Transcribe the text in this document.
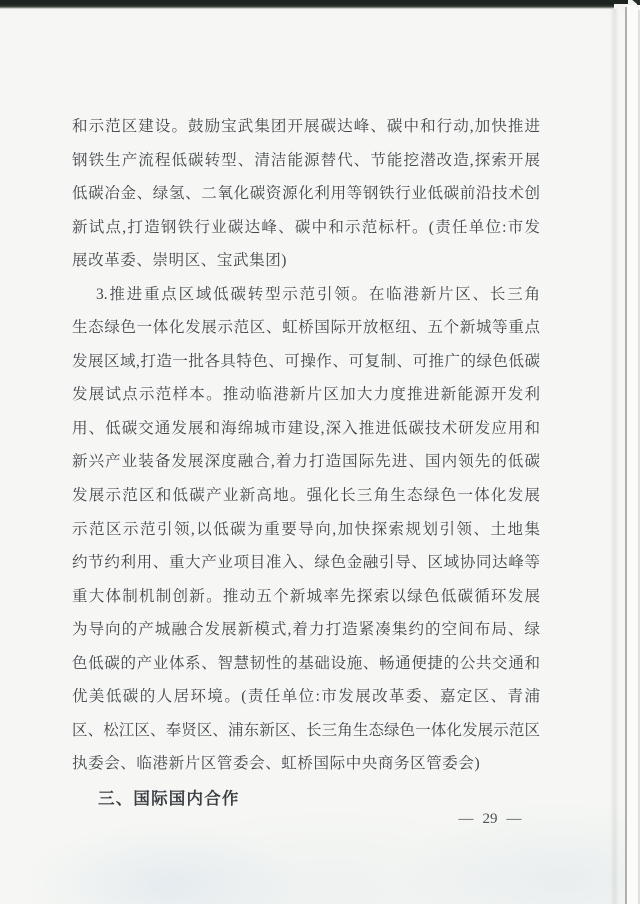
和示范区建设。鼓励宝武集团开展碳达峰、碳中和行动,加快推进
钢铁生产流程低碳转型、清洁能源替代、节能挖潜改造,探索开展
低碳冶金、绿氢、二氧化碳资源化利用等钢铁行业低碳前沿技术创
新试点,打造钢铁行业碳达峰、碳中和示范标杆。(责任单位:市发
展改革委、崇明区、宝武集团)
3.推进重点区域低碳转型示范引领。在临港新片区、长三角
生态绿色一体化发展示范区、虹桥国际开放枢纽、五个新城等重点
发展区域,打造一批各具特色、可操作、可复制、可推广的绿色低碳
发展试点示范样本。推动临港新片区加大力度推进新能源开发利
用、低碳交通发展和海绵城市建设,深入推进低碳技术研发应用和
新兴产业装备发展深度融合,着力打造国际先进、国内领先的低碳
发展示范区和低碳产业新高地。强化长三角生态绿色一体化发展
示范区示范引领,以低碳为重要导向,加快探索规划引领、土地集
约节约利用、重大产业项目准入、绿色金融引导、区域协同达峰等
重大体制机制创新。推动五个新城率先探索以绿色低碳循环发展
为导向的产城融合发展新模式,着力打造紧凑集约的空间布局、绿
色低碳的产业体系、智慧韧性的基础设施、畅通便捷的公共交通和
优美低碳的人居环境。(责任单位:市发展改革委、嘉定区、青浦
区、松江区、奉贤区、浦东新区、长三角生态绿色一体化发展示范区
执委会、临港新片区管委会、虹桥国际中央商务区管委会)
三、国际国内合作
— 29 —
